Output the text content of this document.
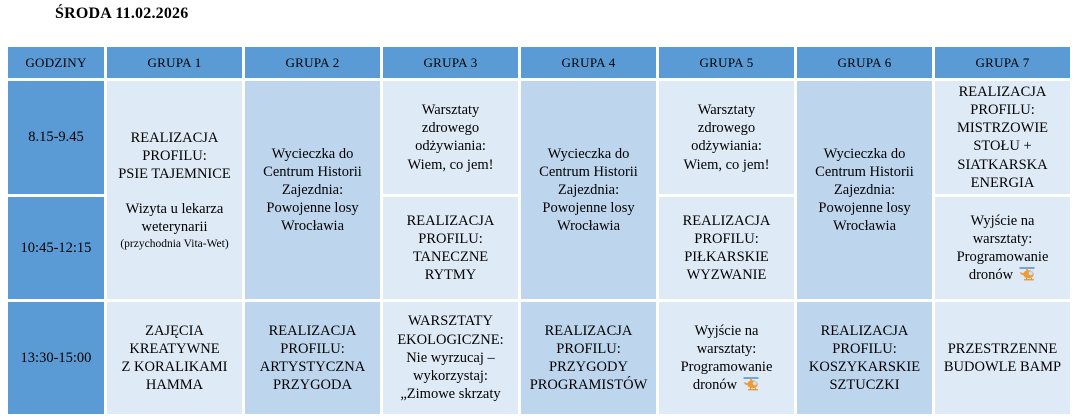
ŚRODA 11.02.2026
GODZINY	GRUPA 1	GRUPA 2	GRUPA 3	GRUPA 4	GRUPA 5	GRUPA 6	GRUPA 7
8.15-9.45	REALIZACJA
PROFILU:
PSIE TAJEMNICE
Wizyta u lekarza
weterynarii
(przychodnia Vita-Wet)
	Wycieczka do
Centrum Historii
Zajezdnia:
Powojenne losy
Wrocławia	Warsztaty
zdrowego
odżywiania:
Wiem, co jem!	Wycieczka do
Centrum Historii
Zajezdnia:
Powojenne losy
Wrocławia	Warsztaty
zdrowego
odżywiania:
Wiem, co jem!	Wycieczka do
Centrum Historii
Zajezdnia:
Powojenne losy
Wrocławia	REALIZACJA
PROFILU:
MISTRZOWIE
STOŁU +
SIATKARSKA
ENERGIA
10:45-12:15			REALIZACJA
PROFILU:
TANECZNE RYTMY		REALIZACJA
PROFILU:
PIŁKARSKIE
WYZWANIE		Wyjście na
warsztaty:
Programowanie
dronów
13:30-15:00	ZAJĘCIA
KREATYWNE
Z KORALIKAMI
HAMMA	REALIZACJA
PROFILU:
ARTYSTYCZNA
PRZYGODA	WARSZTATY
EKOLOGICZNE:
Nie wyrzucaj –
wykorzystaj:
„Zimowe skrzaty	REALIZACJA
PROFILU:
PRZYGODY
PROGRAMISTÓW	Wyjście na
warsztaty:
Programowanie
dronów	REALIZACJA
PROFILU:
KOSZYKARSKIE
SZTUCZKI	PRZESTRZENNE
BUDOWLE BAMP
